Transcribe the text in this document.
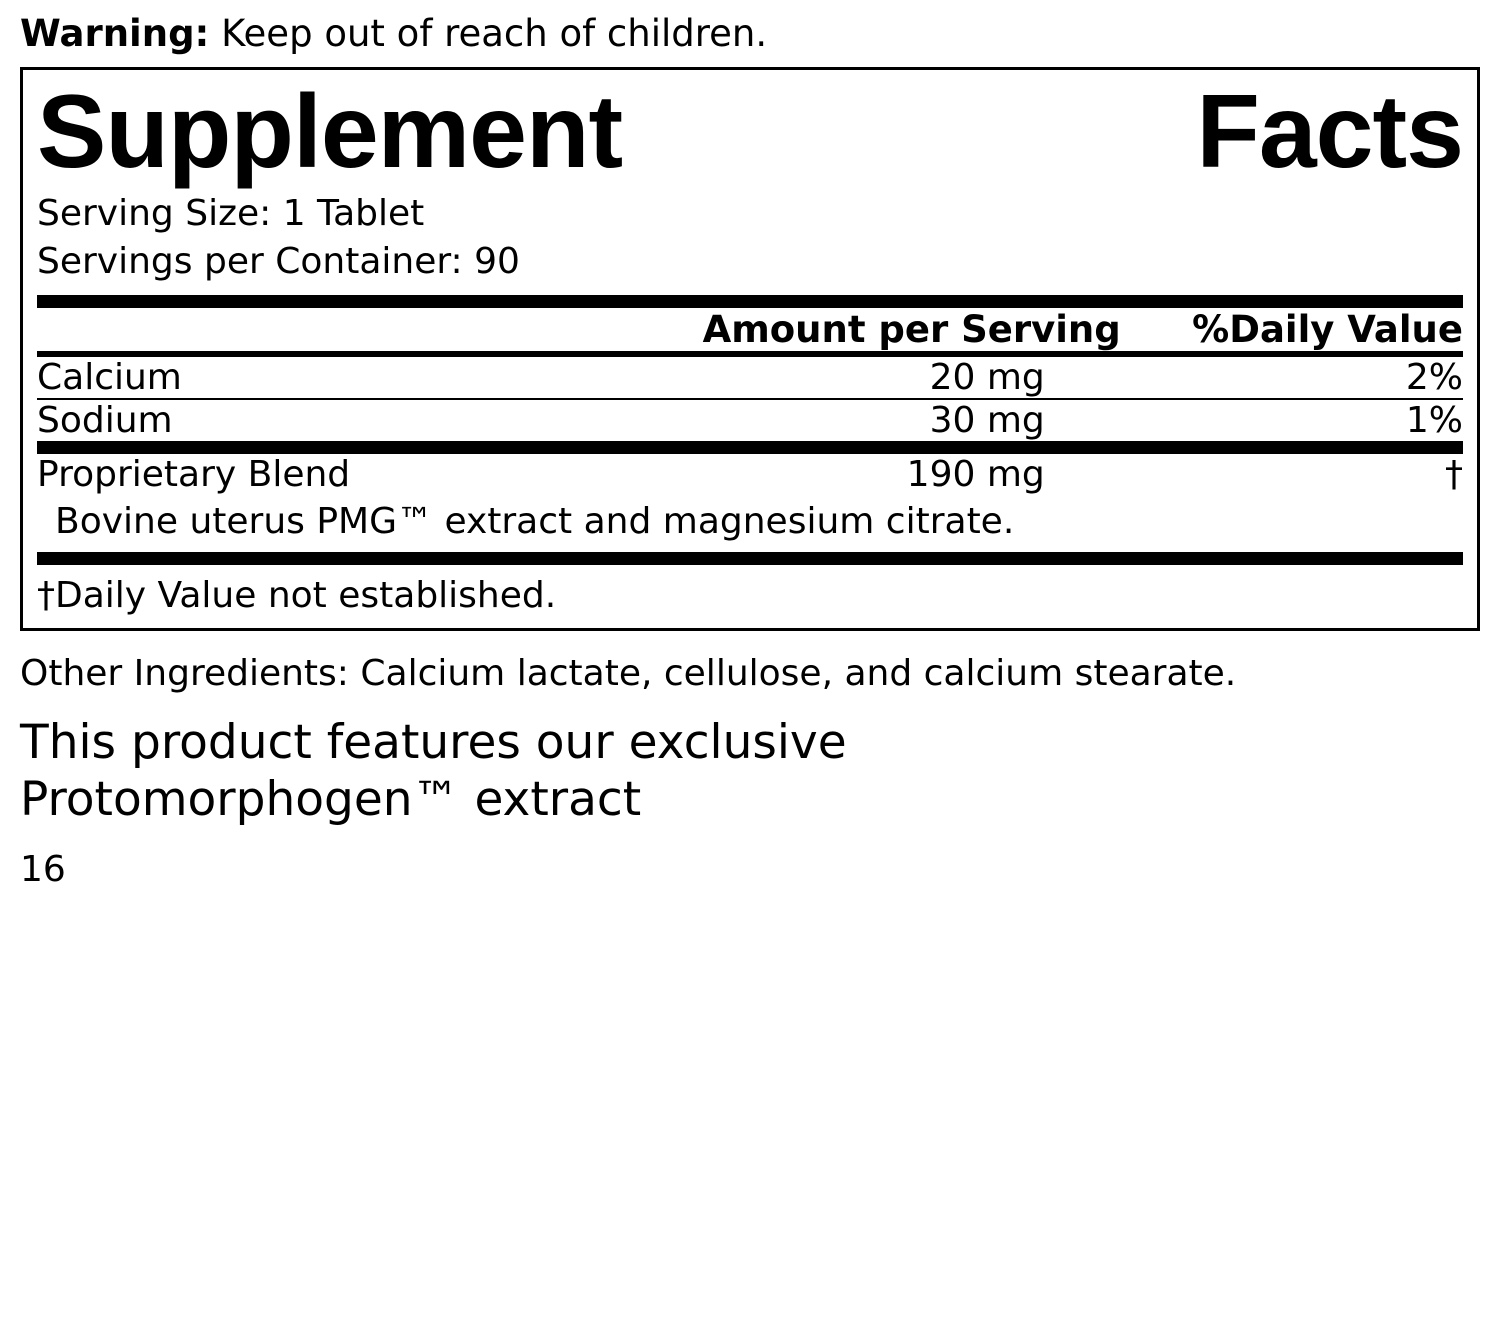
Warning: Keep out of reach of children.
Supplement	Facts
Serving Size: 1 Tablet
Servings per Container: 90
	Amount per Serving	%Daily Value
Calcium	20 mg	2%
Sodium	30 mg	1%
Proprietary Blend	190 mg	†
Bovine uterus PMG™ extract and magnesium citrate.
†Daily Value not established.
Other Ingredients: Calcium lactate, cellulose, and calcium stearate.
This product features our exclusive
Protomorphogen™ extract
16
